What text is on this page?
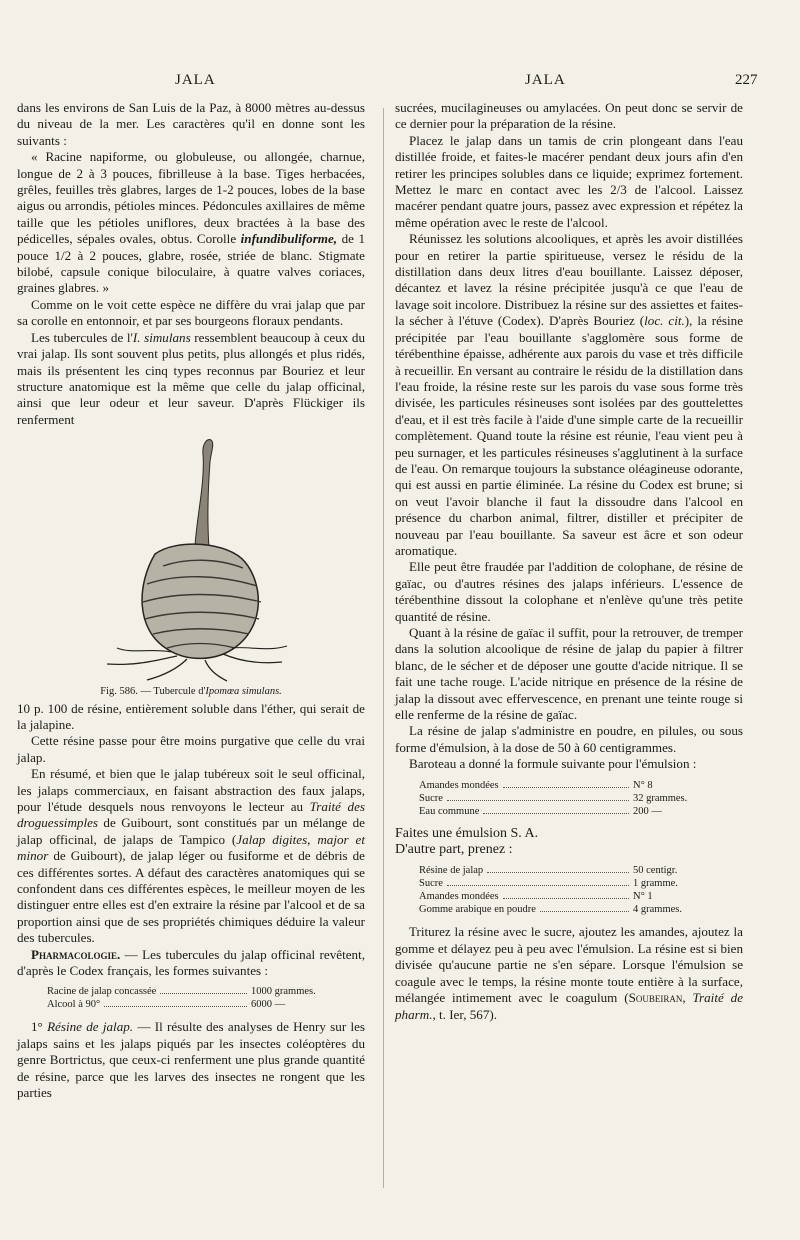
JALA	JALA	227

dans les environs de San Luis de la Paz, à 8000 mètres au-dessus du niveau de la mer. Les caractères qu'il en donne sont les suivants :

« Racine napiforme, ou globuleuse, ou allongée, charnue, longue de 2 à 3 pouces, fibrilleuse à la base. Tiges herbacées, grêles, feuilles très glabres, larges de 1-2 pouces, lobes de la base aigus ou arrondis, pétioles minces. Pédoncules axillaires de même taille que les pétioles uniflores, deux bractées à la base des pédicelles, sépales ovales, obtus. Corolle infundibuliforme, de 1 pouce 1/2 à 2 pouces, glabre, rosée, striée de blanc. Stigmate bilobé, capsule conique biloculaire, à quatre valves coriaces, graines glabres. »

Comme on le voit cette espèce ne diffère du vrai jalap que par sa corolle en entonnoir, et par ses bourgeons floraux pendants.

Les tubercules de l'I. simulans ressemblent beaucoup à ceux du vrai jalap. Ils sont souvent plus petits, plus allongés et plus ridés, mais ils présentent les cinq types reconnus par Bouriez et leur structure anatomique est la même que celle du jalap officinal, ainsi que leur odeur et leur saveur. D'après Flückiger ils renferment

Fig. 586. — Tubercule d'Ipomœa simulans.

10 p. 100 de résine, entièrement soluble dans l'éther, qui serait de la jalapine.

Cette résine passe pour être moins purgative que celle du vrai jalap.

En résumé, et bien que le jalap tubéreux soit le seul officinal, les jalaps commerciaux, en faisant abstraction des faux jalaps, pour l'étude desquels nous renvoyons le lecteur au Traité des droguessimples de Guibourt, sont constitués par un mélange de jalap officinal, de jalaps de Tampico (Jalap digites, major et minor de Guibourt), de jalap léger ou fusiforme et de débris de ces différentes sortes. A défaut des caractères anatomiques qui se confondent dans ces différentes espèces, le meilleur moyen de les distinguer entre elles est d'en extraire la résine par l'alcool et de sa proportion ainsi que de ses propriétés chimiques déduire la valeur des tubercules.

Pharmacologie. — Les tubercules du jalap officinal revêtent, d'après le Codex français, les formes suivantes :

Racine de jalap concassée	1000 grammes.
Alcool à 90°	6000 —

1° Résine de jalap. — Il résulte des analyses de Henry sur les jalaps sains et les jalaps piqués par les insectes coléoptères du genre Bortrictus, que ceux-ci renferment une plus grande quantité de résine, parce que les larves des insectes ne rongent que les parties

sucrées, mucilagineuses ou amylacées. On peut donc se servir de ce dernier pour la préparation de la résine.

Placez le jalap dans un tamis de crin plongeant dans l'eau distillée froide, et faites-le macérer pendant deux jours afin d'en retirer les principes solubles dans ce liquide; exprimez fortement. Mettez le marc en contact avec les 2/3 de l'alcool. Laissez macérer pendant quatre jours, passez avec expression et répétez la même opération avec le reste de l'alcool.

Réunissez les solutions alcooliques, et après les avoir distillées pour en retirer la partie spiritueuse, versez le résidu de la distillation dans deux litres d'eau bouillante. Laissez déposer, décantez et lavez la résine précipitée jusqu'à ce que l'eau de lavage soit incolore. Distribuez la résine sur des assiettes et faites-la sécher à l'étuve (Codex). D'après Bouriez (loc. cit.), la résine précipitée par l'eau bouillante s'agglomère sous forme de térébenthine épaisse, adhérente aux parois du vase et très difficile à recueillir. En versant au contraire le résidu de la distillation dans l'eau froide, la résine reste sur les parois du vase sous forme très divisée, les particules résineuses sont isolées par des gouttelettes d'eau, et il est très facile à l'aide d'une simple carte de la recueillir complètement. Quand toute la résine est réunie, l'eau vient peu à peu surnager, et les particules résineuses s'agglutinent à la surface de l'eau. On remarque toujours la substance oléagineuse odorante, qui est aussi en partie éliminée. La résine du Codex est brune; si on veut l'avoir blanche il faut la dissoudre dans l'alcool en présence du charbon animal, filtrer, distiller et précipiter de nouveau par l'eau bouillante. Sa saveur est âcre et son odeur aromatique.

Elle peut être fraudée par l'addition de colophane, de résine de gaïac, ou d'autres résines des jalaps inférieurs. L'essence de térébenthine dissout la colophane et n'enlève qu'une très petite quantité de résine.

Quant à la résine de gaïac il suffit, pour la retrouver, de tremper dans la solution alcoolique de résine de jalap du papier à filtrer blanc, de le sécher et de déposer une goutte d'acide nitrique. Il se fait une tache rouge. L'acide nitrique en présence de la résine de jalap la dissout avec effervescence, en prenant une teinte rouge si elle renferme de la résine de gaïac.

La résine de jalap s'administre en poudre, en pilules, ou sous forme d'émulsion, à la dose de 50 à 60 centigrammes.

Baroteau a donné la formule suivante pour l'émulsion :

Amandes mondées	N° 8
Sucre	32 grammes.
Eau commune	200 —

Faites une émulsion S. A.

D'autre part, prenez :

Résine de jalap	50 centigr.
Sucre	1 gramme.
Amandes mondées	N° 1
Gomme arabique en poudre	4 grammes.

Triturez la résine avec le sucre, ajoutez les amandes, ajoutez la gomme et délayez peu à peu avec l'émulsion. La résine est si bien divisée qu'aucune partie ne s'en sépare. Lorsque l'émulsion se coagule avec le temps, la résine monte toute entière à la surface, mélangée intimement avec le coagulum (Soubeiran, Traité de pharm., t. Ier, 567).
